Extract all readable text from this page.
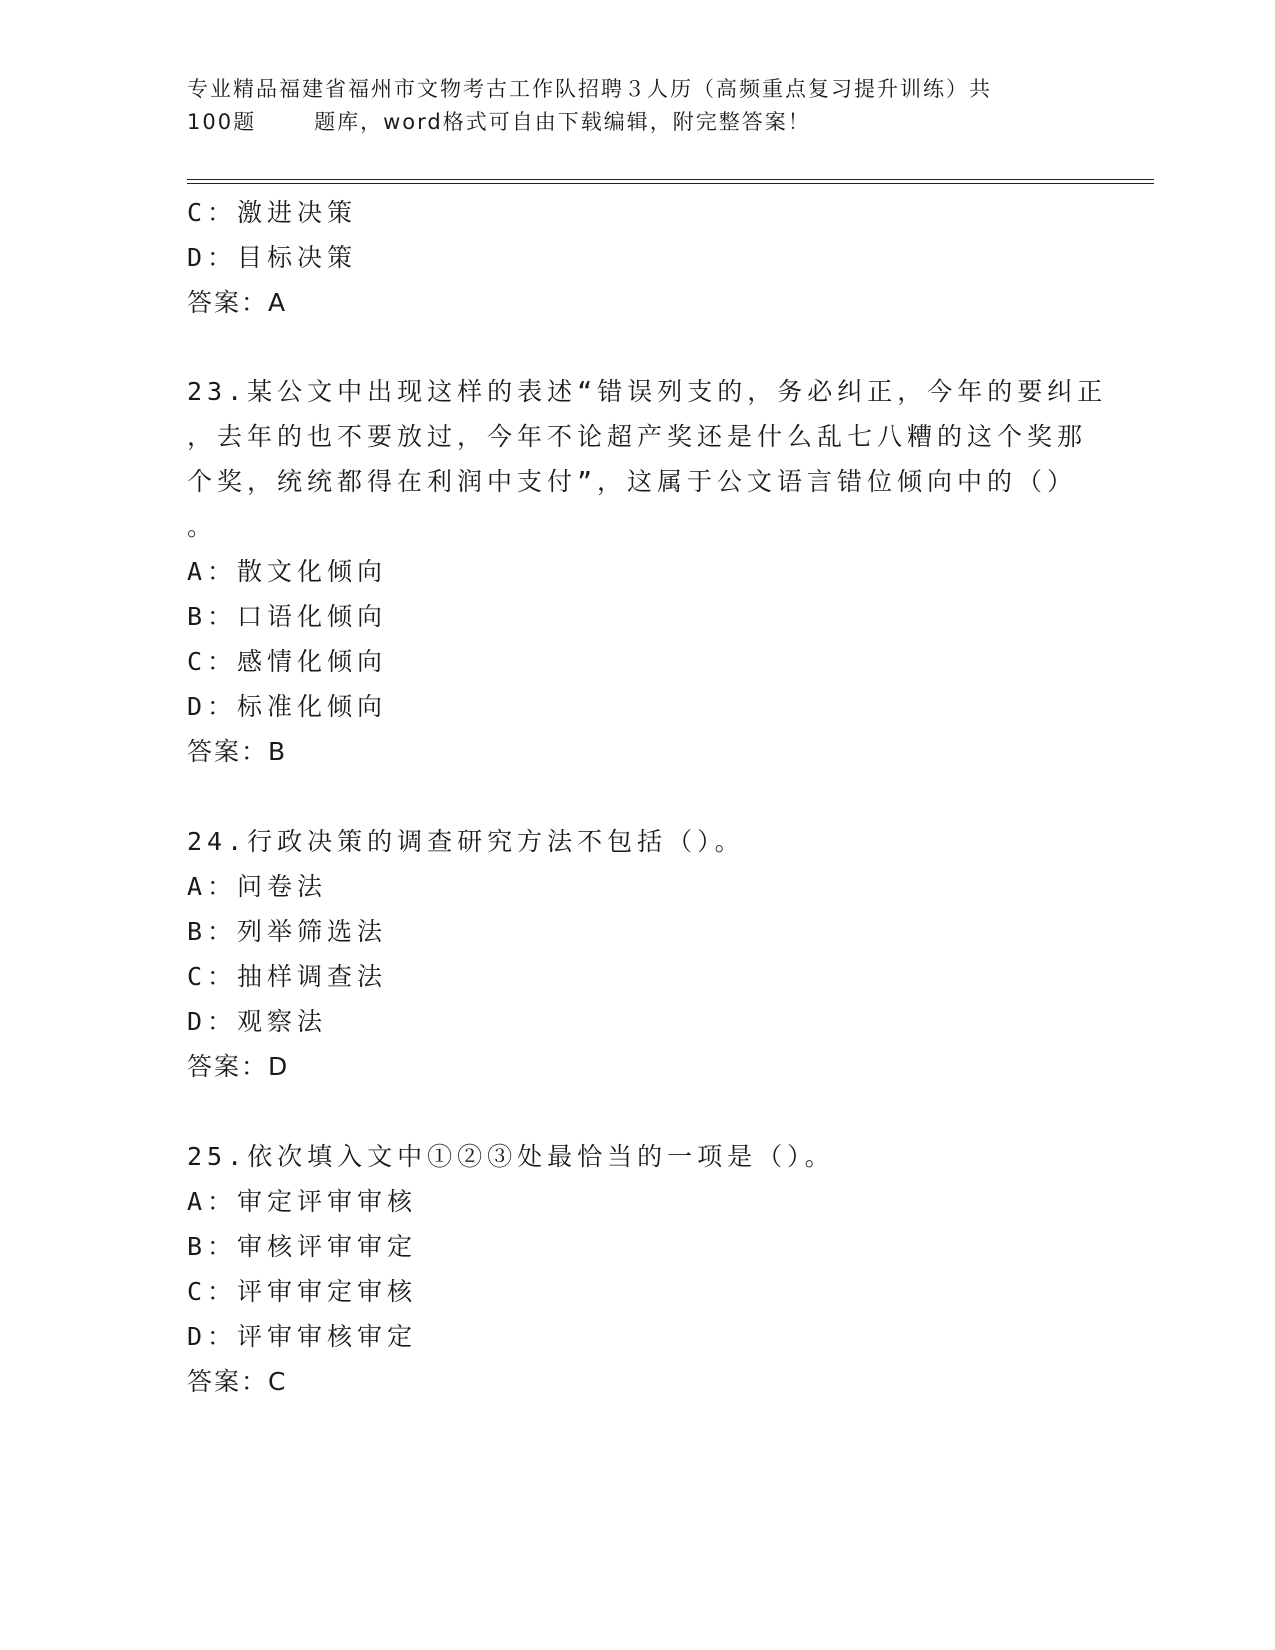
专业精品福建省福州市文物考古工作队招聘３人历（高频重点复习提升训练）共
100题	题库，word格式可自由下载编辑，附完整答案！
C：激进决策
D：目标决策
答案：A
23.某公文中出现这样的表述“错误列支的，务必纠正，今年的要纠正
，去年的也不要放过，今年不论超产奖还是什么乱七八糟的这个奖那
个奖，统统都得在利润中支付”，这属于公文语言错位倾向中的（）
。
A：散文化倾向
B：口语化倾向
C：感情化倾向
D：标准化倾向
答案：B
24.行政决策的调查研究方法不包括（）。
A：问卷法
B：列举筛选法
C：抽样调查法
D：观察法
答案：D
25.依次填入文中①②③处最恰当的一项是（）。
A：审定评审审核
B：审核评审审定
C：评审审定审核
D：评审审核审定
答案：C
